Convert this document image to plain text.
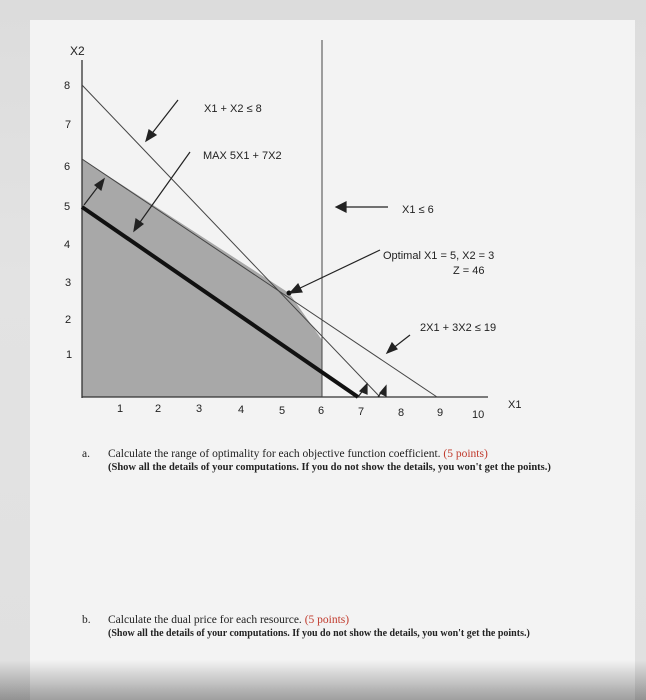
X2
X1
8
7
6
5
4
3
2
1
1	2	3	4	5	6	7	8	9	10
X1 + X2 ≤ 8
MAX 5X1 + 7X2
X1 ≤ 6
Optimal X1 = 5, X2 = 3
Z = 46
2X1 + 3X2 ≤ 19
a. Calculate the range of optimality for each objective function coefficient. (5 points)
(Show all the details of your computations. If you do not show the details, you won't get the points.)
b. Calculate the dual price for each resource. (5 points)
(Show all the details of your computations. If you do not show the details, you won't get the points.)
